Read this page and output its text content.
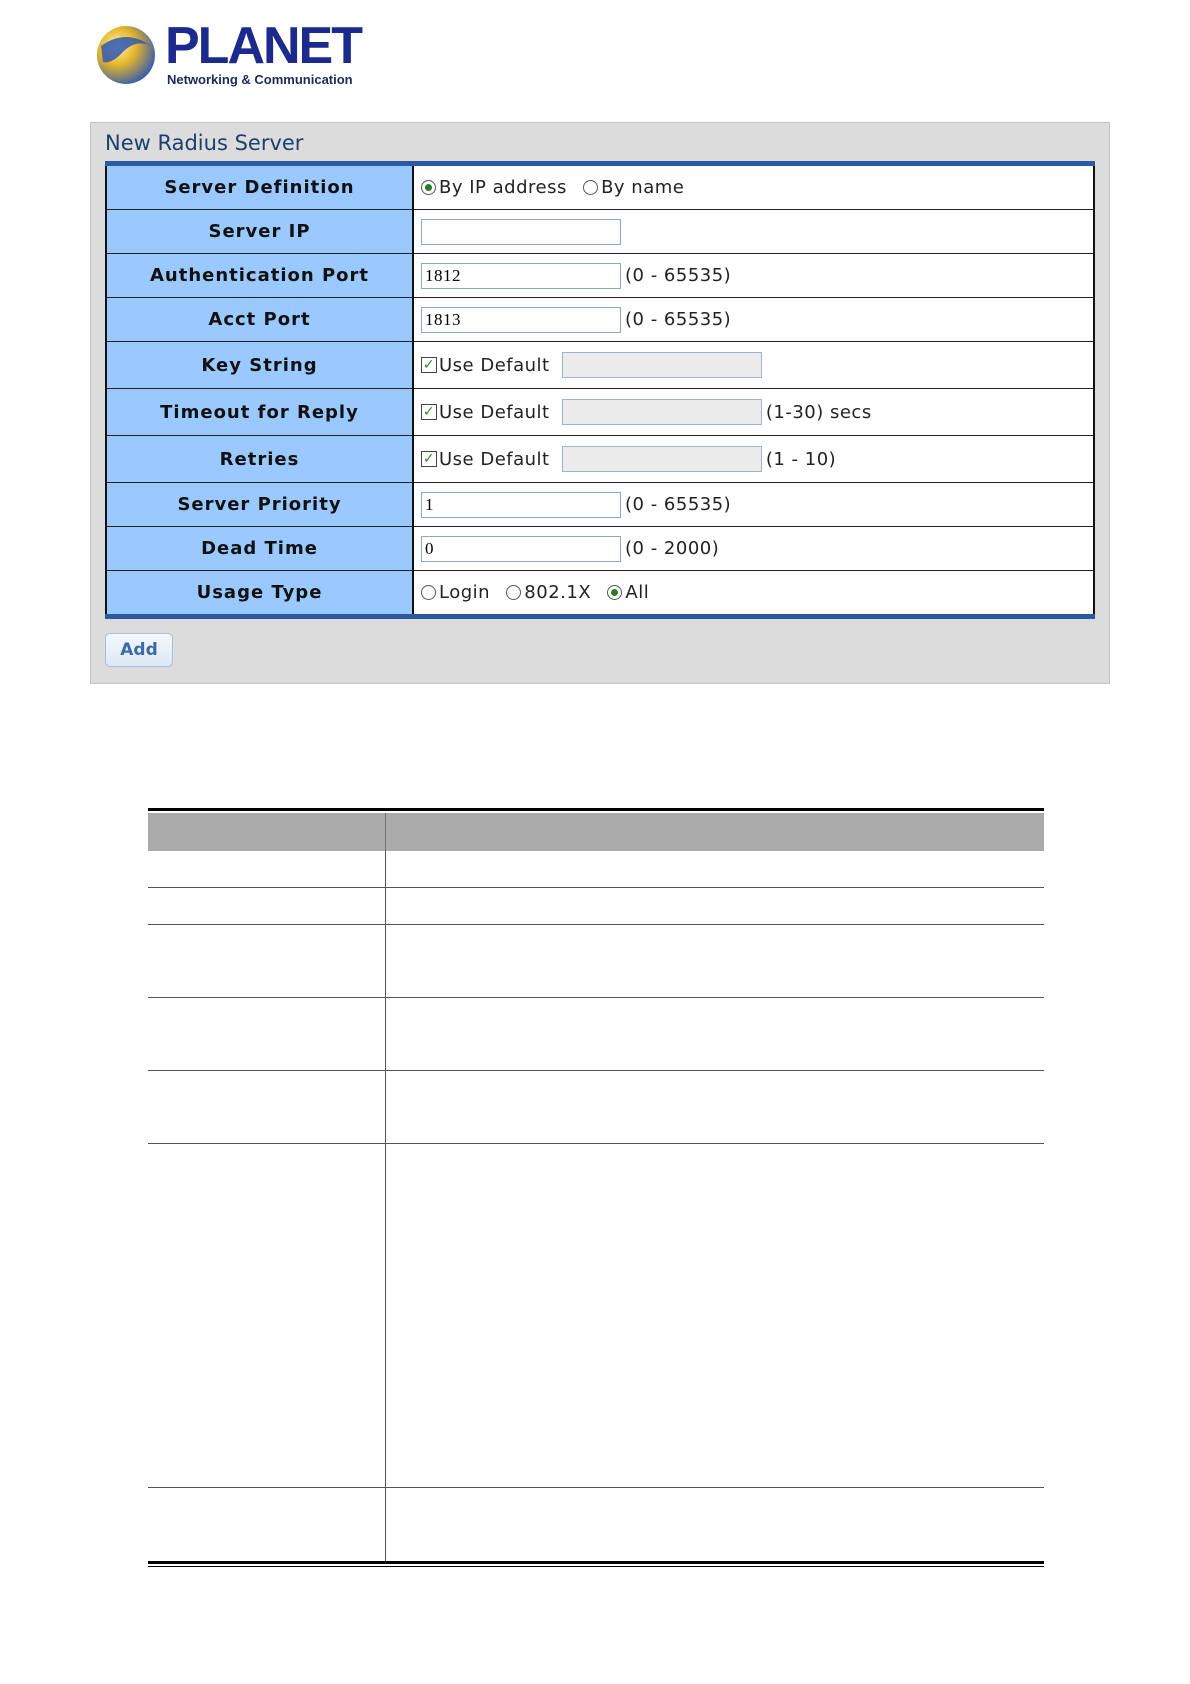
PLANET
Networking & Communication
New Radius Server
Server Definition	By IP address By name
Server IP	
Authentication Port	1812 (0 - 65535)
Acct Port	1813 (0 - 65535)
Key String	✓ Use Default
Timeout for Reply	✓ Use Default (1-30) secs
Retries	✓ Use Default (1 - 10)
Server Priority	1 (0 - 65535)
Dead Time	0 (0 - 2000)
Usage Type	Login 802.1X All
Add
